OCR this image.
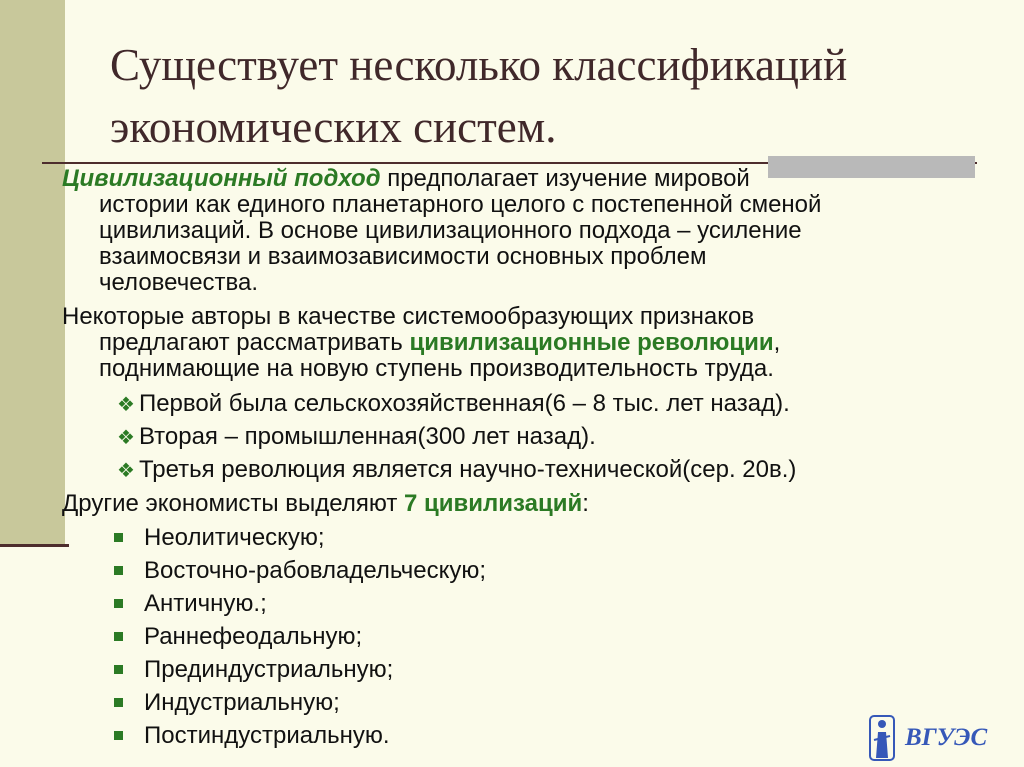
Существует несколько классификаций экономических систем.

Цивилизационный подход предполагает изучение мировой
истории как единого планетарного целого с постепенной сменой
цивилизаций. В основе цивилизационного подхода – усиление
взаимосвязи и взаимозависимости основных проблем
человечества.

Некоторые авторы в качестве системообразующих признаков
предлагают рассматривать цивилизационные революции,
поднимающие на новую ступень производительность труда.

❖ Первой была сельскохозяйственная(6 – 8 тыс. лет назад).
❖ Вторая – промышленная(300 лет назад).
❖ Третья революция является научно-технической(сер. 20в.)

Другие экономисты выделяют 7 цивилизаций:

Неолитическую;
Восточно-рабовладельческую;
Античную.;
Раннефеодальную;
Прединдустриальную;
Индустриальную;
Постиндустриальную.	ВГУЭС
